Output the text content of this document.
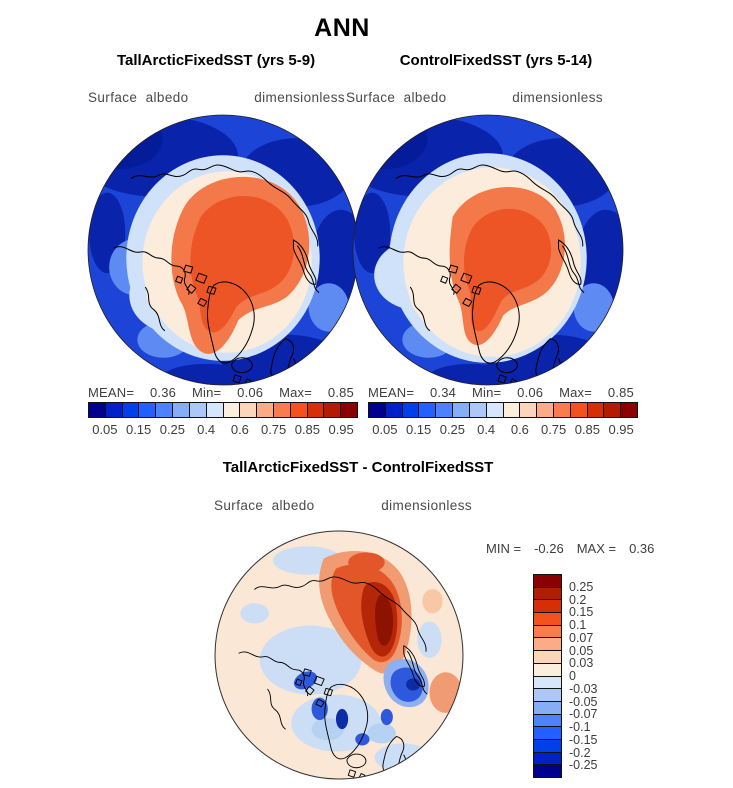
ANN
TallArcticFixedSST (yrs 5-9)	ControlFixedSST (yrs 5-14)
Surface  albedo	dimensionless Surface  albedo	dimensionless
MEAN= 0.36 Min= 0.06 Max= 0.85 MEAN= 0.34 Min= 0.06 Max= 0.85
0.05 0.15 0.25 0.4 0.6 0.75 0.85 0.95 0.05 0.15 0.25 0.4 0.6 0.75 0.85 0.95
TallArcticFixedSST - ControlFixedSST
Surface  albedo	dimensionless
MIN = -0.26 MAX = 0.36
0.25
0.2
0.15
0.1
0.07
0.05
0.03
0
-0.03
-0.05
-0.07
-0.1
-0.15
-0.2
-0.25
